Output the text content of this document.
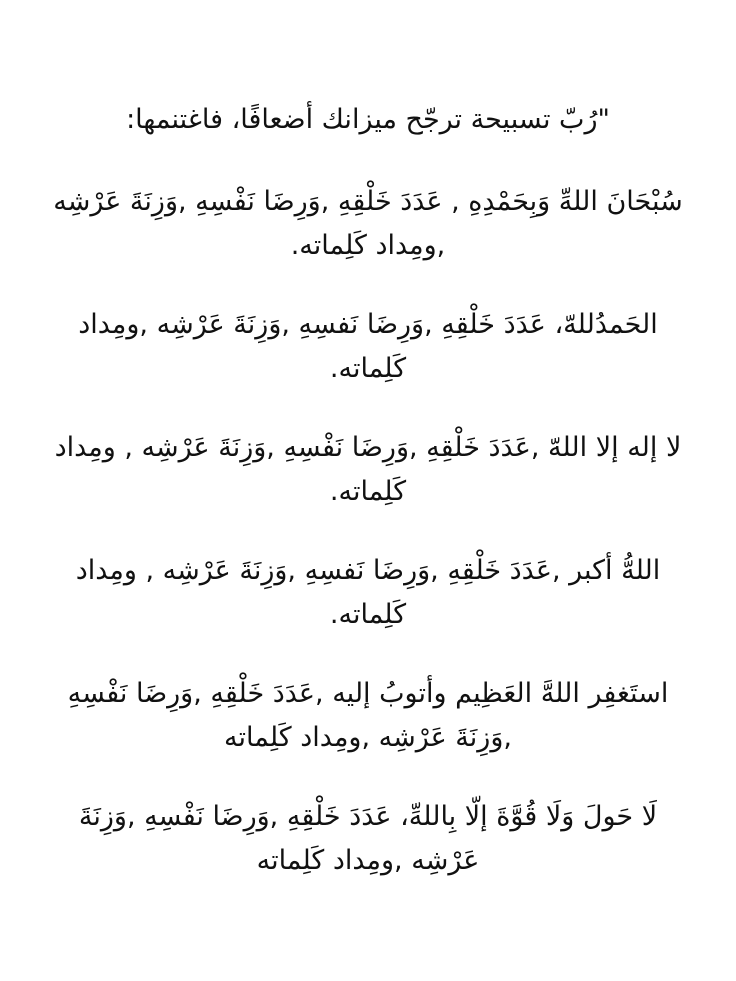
"رُبّ تسبيحة ترجّح ميزانك أضعافًا، فاغتنمها:

سُبْحَانَ اللهِّ وَبِحَمْدِهِ , عَدَدَ خَلْقِهِ ,وَرِضَا نَفْسِهِ ,وَزِنَةَ عَرْشِه ,ومِداد كَلِماته.
الحَمدُللهّ، عَدَدَ خَلْقِهِ ,وَرِضَا نَفسِهِ ,وَزِنَةَ عَرْشِه ,ومِداد كَلِماته.
لا إله إلا اللهّ ,عَدَدَ خَلْقِهِ ,وَرِضَا نَفْسِهِ ,وَزِنَةَ عَرْشِه , ومِداد كَلِماته.
اللهُّ أكبر ,عَدَدَ خَلْقِهِ ,وَرِضَا نَفسِهِ ,وَزِنَةَ عَرْشِه , ومِداد كَلِماته.
استَغفِر اللهَّ العَظِيم وأتوبُ إليه ,عَدَدَ خَلْقِهِ ,وَرِضَا نَفْسِهِ ,وَزِنَةَ عَرْشِه ,ومِداد كَلِماته
لَا حَولَ وَلَا قُوَّةَ إلّا بِاللهِّ، عَدَدَ خَلْقِهِ ,وَرِضَا نَفْسِهِ ,وَزِنَةَ عَرْشِه ,ومِداد كَلِماته
